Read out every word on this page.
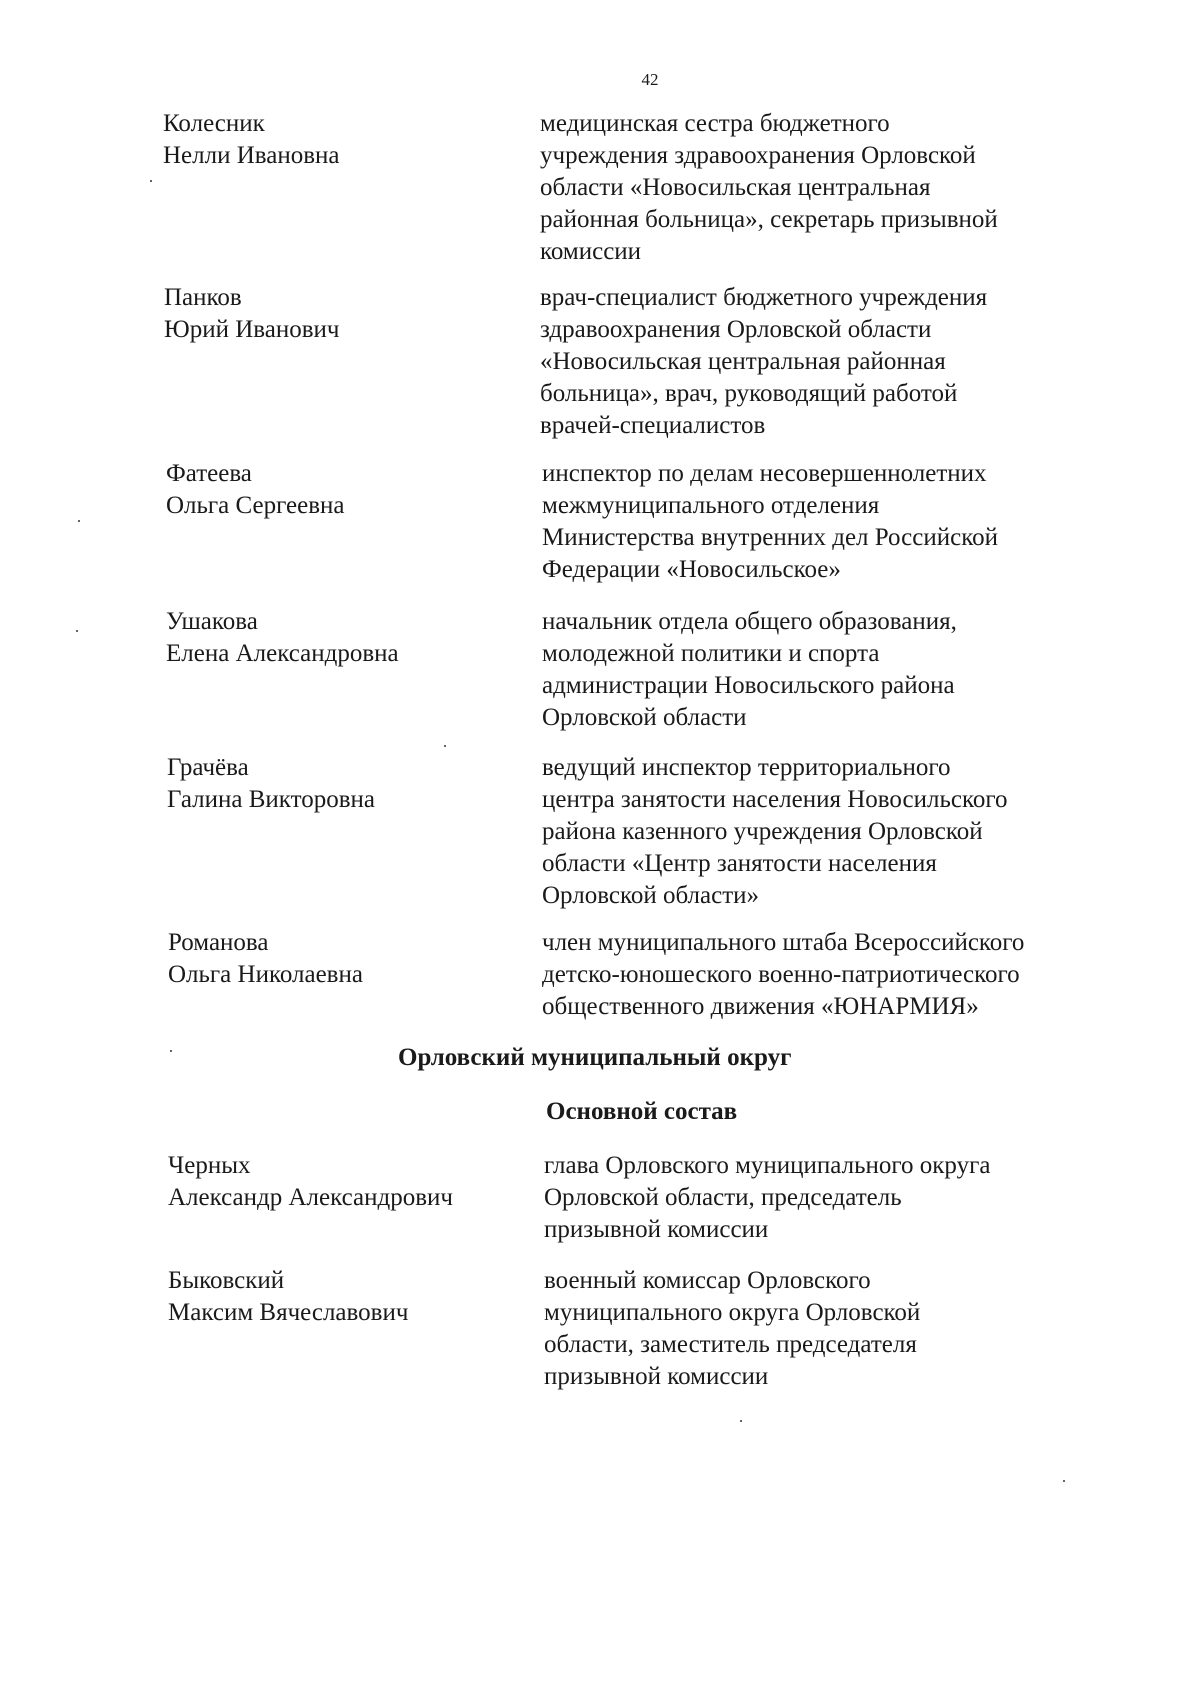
42
Колесник
Нелли Ивановна
медицинская сестра бюджетного
учреждения здравоохранения Орловской
области «Новосильская центральная
районная больница», секретарь призывной
комиссии
Панков
Юрий Иванович
врач-специалист бюджетного учреждения
здравоохранения Орловской области
«Новосильская центральная районная
больница», врач, руководящий работой
врачей-специалистов
Фатеева
Ольга Сергеевна
инспектор по делам несовершеннолетних
межмуниципального отделения
Министерства внутренних дел Российской
Федерации «Новосильское»
Ушакова
Елена Александровна
начальник отдела общего образования,
молодежной политики и спорта
администрации Новосильского района
Орловской области
Грачёва
Галина Викторовна
ведущий инспектор территориального
центра занятости населения Новосильского
района казенного учреждения Орловской
области «Центр занятости населения
Орловской области»
Романова
Ольга Николаевна
член муниципального штаба Всероссийского
детско-юношеского военно-патриотического
общественного движения «ЮНАРМИЯ»
Орловский муниципальный округ
Основной состав
Черных
Александр Александрович
глава Орловского муниципального округа
Орловской области, председатель
призывной комиссии
Быковский
Максим Вячеславович
военный комиссар Орловского
муниципального округа Орловской
области, заместитель председателя
призывной комиссии
